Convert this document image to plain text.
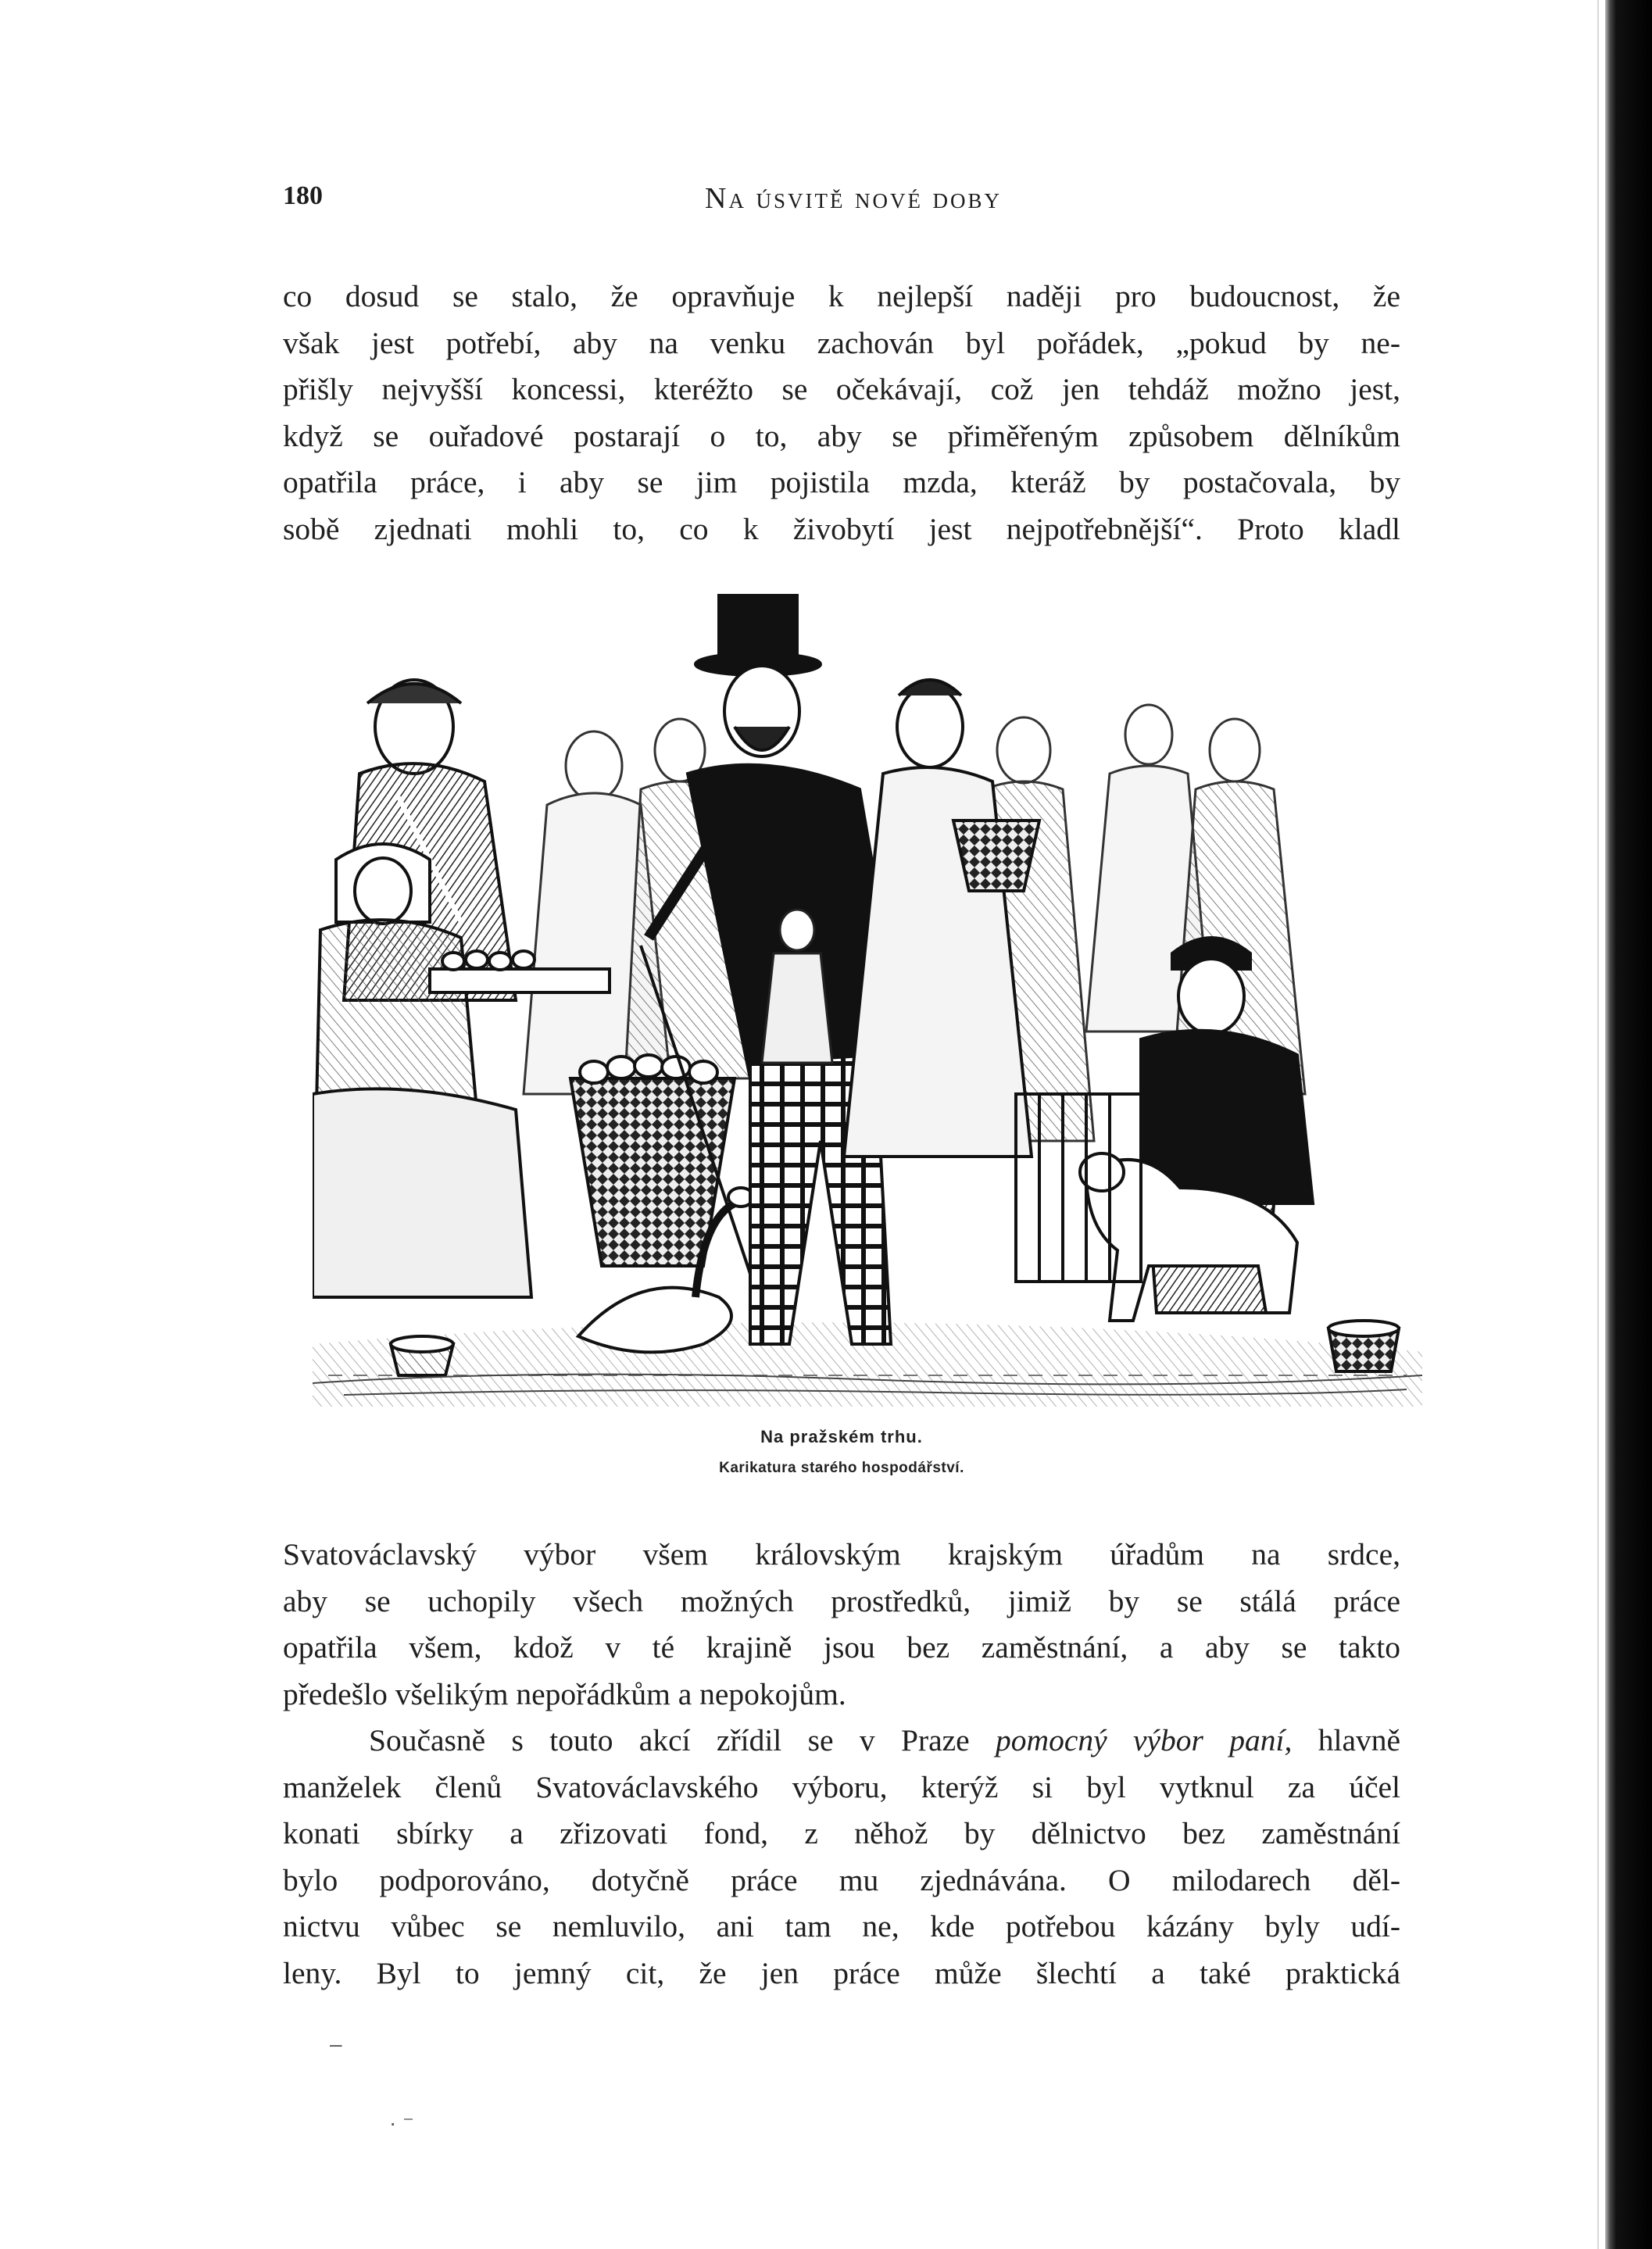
180	Na úsvitě nové doby
co dosud se stalo, že opravňuje k nejlepší naději pro budoucnost, že
však jest potřebí, aby na venku zachován byl pořádek, „pokud by ne-
přišly nejvyšší koncessi, kteréžto se očekávají, což jen tehdáž možno jest,
když se ouřadové postarají o to, aby se přiměřeným způsobem dělníkům
opatřila práce, i aby se jim pojistila mzda, kteráž by postačovala, by
sobě zjednati mohli to, co k živobytí jest nejpotřebnější“. Proto kladl
Na pražském trhu.
Karikatura starého hospodářství.
Svatováclavský výbor všem královským krajským úřadům na srdce,
aby se uchopily všech možných prostředků, jimiž by se stálá práce
opatřila všem, kdož v té krajině jsou bez zaměstnání, a aby se takto
předešlo všelikým nepořádkům a nepokojům.
Současně s touto akcí zřídil se v Praze pomocný výbor paní, hlavně
manželek členů Svatováclavského výboru, kterýž si byl vytknul za účel
konati sbírky a zřizovati fond, z něhož by dělnictvo bez zaměstnání
bylo podporováno, dotyčně práce mu zjednávána. O milodarech děl-
nictvu vůbec se nemluvilo, ani tam ne, kde potřebou kázány byly udí-
leny. Byl to jemný cit, že jen práce může šlechtí a také praktická
–
· ⁻
